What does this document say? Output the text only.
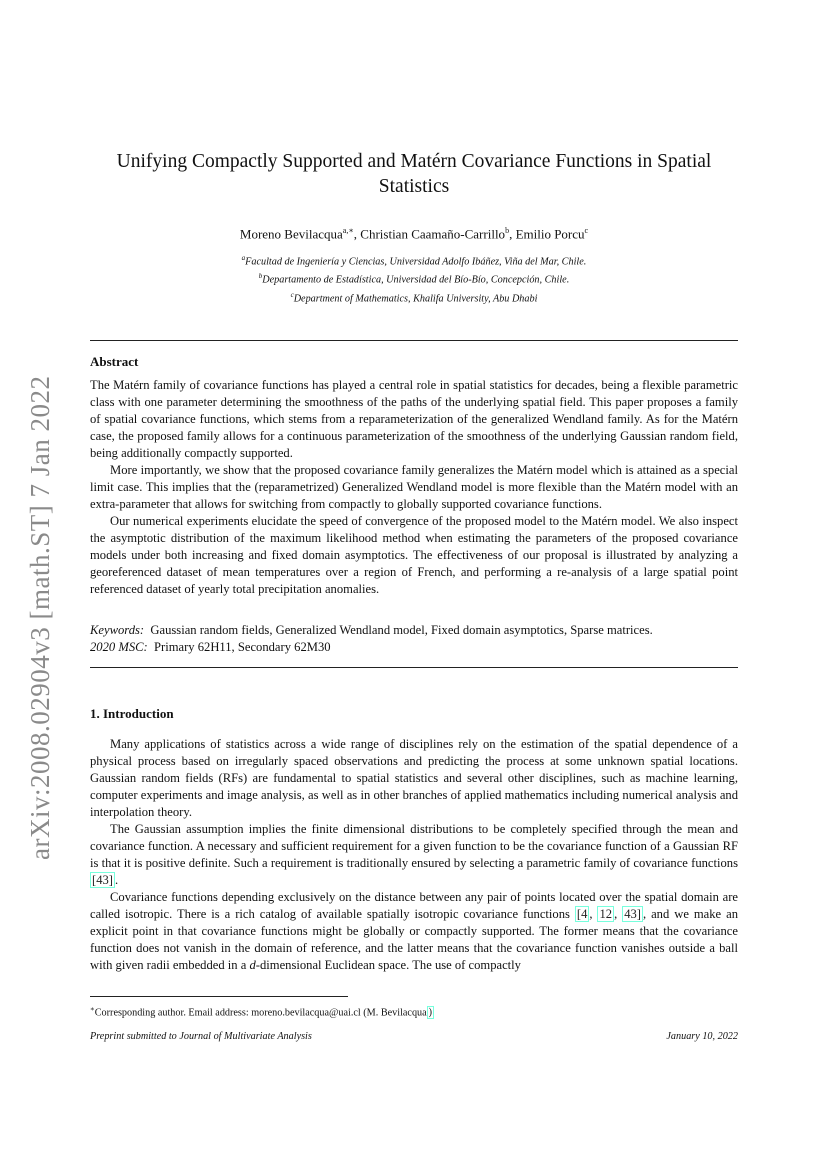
arXiv:2008.02904v3 [math.ST] 7 Jan 2022
Unifying Compactly Supported and Matérn Covariance Functions in Spatial Statistics
Moreno Bevilacqua$^{a,∗}$, Christian Caamaño-Carrillo$^b$, Emilio Porcu$^c$
$^a$Facultad de Ingeniería y Ciencias, Universidad Adolfo Ibáñez, Viña del Mar, Chile.
$^b$Departamento de Estadística, Universidad del Bío-Bío, Concepción, Chile.
$^c$Department of Mathematics, Khalifa University, Abu Dhabi
Abstract

The Matérn family of covariance functions has played a central role in spatial statistics for decades, being a flexible parametric class with one parameter determining the smoothness of the paths of the underlying spatial field. This paper proposes a family of spatial covariance functions, which stems from a reparameterization of the generalized Wendland family. As for the Matérn case, the proposed family allows for a continuous parameterization of the smoothness of the underlying Gaussian random field, being additionally compactly supported.

More importantly, we show that the proposed covariance family generalizes the Matérn model which is attained as a special limit case. This implies that the (reparametrized) Generalized Wendland model is more flexible than the Matérn model with an extra-parameter that allows for switching from compactly to globally supported covariance functions.

Our numerical experiments elucidate the speed of convergence of the proposed model to the Matérn model. We also inspect the asymptotic distribution of the maximum likelihood method when estimating the parameters of the proposed covariance models under both increasing and fixed domain asymptotics. The effectiveness of our proposal is illustrated by analyzing a georeferenced dataset of mean temperatures over a region of French, and performing a re-analysis of a large spatial point referenced dataset of yearly total precipitation anomalies.

Keywords: Gaussian random fields, Generalized Wendland model, Fixed domain asymptotics, Sparse matrices.

2020 MSC: Primary 62H11, Secondary 62M30

1. Introduction

Many applications of statistics across a wide range of disciplines rely on the estimation of the spatial dependence of a physical process based on irregularly spaced observations and predicting the process at some unknown spatial locations. Gaussian random fields (RFs) are fundamental to spatial statistics and several other disciplines, such as machine learning, computer experiments and image analysis, as well as in other branches of applied mathematics including numerical analysis and interpolation theory.

The Gaussian assumption implies the finite dimensional distributions to be completely specified through the mean and covariance function. A necessary and sufficient requirement for a given function to be the covariance function of a Gaussian RF is that it is positive definite. Such a requirement is traditionally ensured by selecting a parametric family of covariance functions [43] .

Covariance functions depending exclusively on the distance between any pair of points located over the spatial domain are called isotropic. There is a rich catalog of available spatially isotropic covariance functions [4 , 12 , 43] , and we make an explicit point in that covariance functions might be globally or compactly supported. The former means that the covariance function does not vanish in the domain of reference, and the latter means that the covariance function vanishes outside a ball with given radii embedded in a d-dimensional Euclidean space. The use of compactly

∗Corresponding author. Email address: moreno.bevilacqua@uai.cl (M. Bevilacqua )
Preprint submitted to Journal of Multivariate Analysis	January 10, 2022
